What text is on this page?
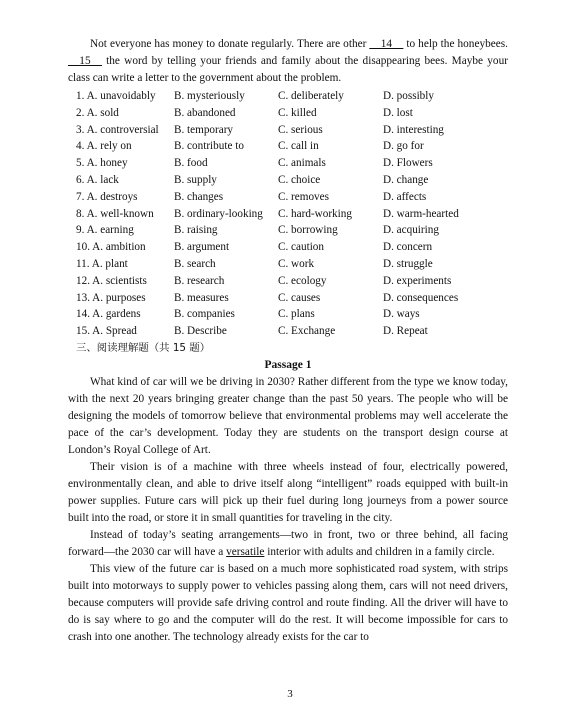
Not everyone has money to donate regularly. There are other __14__ to help the honeybees. __15__ the word by telling your friends and family about the disappearing bees. Maybe your class can write a letter to the government about the problem.

1. A. unavoidably	B. mysteriously	C. deliberately	D. possibly
2. A. sold	B. abandoned	C. killed	D. lost
3. A. controversial	B. temporary	C. serious	D. interesting
4. A. rely on	B. contribute to	C. call in	D. go for
5. A. honey	B. food	C. animals	D. Flowers
6. A. lack	B. supply	C. choice	D. change
7. A. destroys	B. changes	C. removes	D. affects
8. A. well-known	B. ordinary-looking	C. hard-working	D. warm-hearted
9. A. earning	B. raising	C. borrowing	D. acquiring
10. A. ambition	B. argument	C. caution	D. concern
11. A. plant	B. search	C. work	D. struggle
12. A. scientists	B. research	C. ecology	D. experiments
13. A. purposes	B. measures	C. causes	D. consequences
14. A. gardens	B. companies	C. plans	D. ways
15. A. Spread	B. Describe	C. Exchange	D. Repeat

三、阅读理解题（共 15 题）

Passage 1

What kind of car will we be driving in 2030? Rather different from the type we know today, with the next 20 years bringing greater change than the past 50 years. The people who will be designing the models of tomorrow believe that environmental problems may well accelerate the pace of the car’s development. Today they are students on the transport design course at London’s Royal College of Art.

Their vision is of a machine with three wheels instead of four, electrically powered, environmentally clean, and able to drive itself along “intelligent” roads equipped with built-in power supplies. Future cars will pick up their fuel during long journeys from a power source built into the road, or store it in small quantities for traveling in the city.

Instead of today’s seating arrangements—two in front, two or three behind, all facing forward—the 2030 car will have a versatile interior with adults and children in a family circle.

This view of the future car is based on a much more sophisticated road system, with strips built into motorways to supply power to vehicles passing along them, cars will not need drivers, because computers will provide safe driving control and route finding. All the driver will have to do is say where to go and the computer will do the rest. It will become impossible for cars to crash into one another. The technology already exists for the car to

3
